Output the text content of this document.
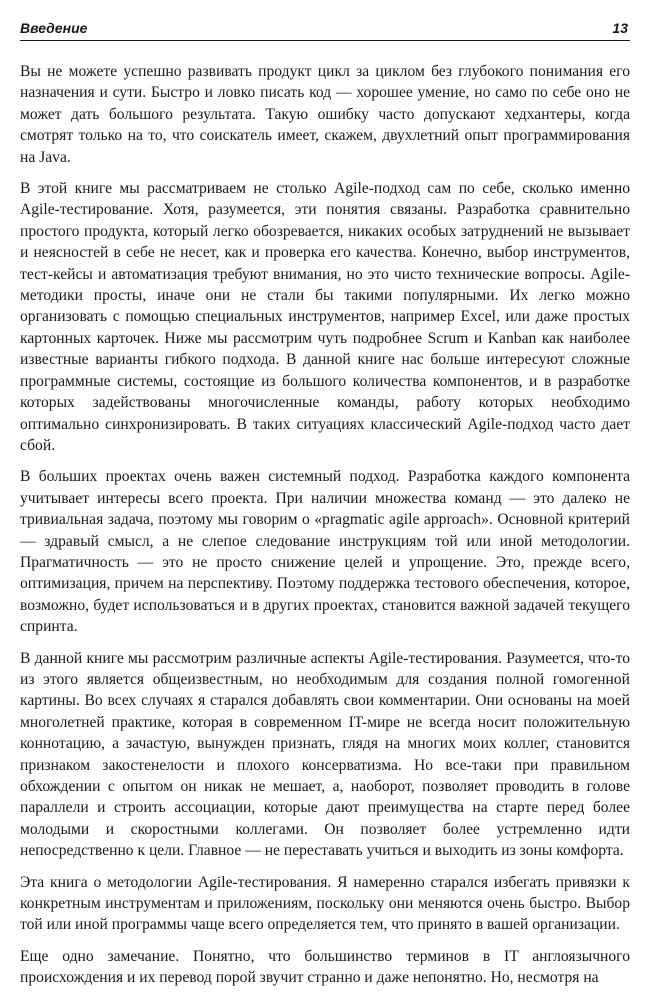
Введение	13

Вы не можете успешно развивать продукт цикл за циклом без глубокого понимания его назначения и сути. Быстро и ловко писать код — хорошее умение, но само по себе оно не может дать большого результата. Такую ошибку часто допускают хедхантеры, когда смотрят только на то, что соискатель имеет, скажем, двухлетний опыт программирования на Java.

В этой книге мы рассматриваем не столько Agile-подход сам по себе, сколько именно Agile-тестирование. Хотя, разумеется, эти понятия связаны. Разработка сравнительно простого продукта, который легко обозревается, никаких особых затруднений не вызывает и неясностей в себе не несет, как и проверка его качества. Конечно, выбор инструментов, тест-кейсы и автоматизация требуют внимания, но это чисто технические вопросы. Agile-методики просты, иначе они не стали бы такими популярными. Их легко можно организовать с помощью специальных инструментов, например Excel, или даже простых картонных карточек. Ниже мы рассмотрим чуть подробнее Scrum и Kanban как наиболее известные варианты гибкого подхода. В данной книге нас больше интересуют сложные программные системы, состоящие из большого количества компонентов, и в разработке которых задействованы многочисленные команды, работу которых необходимо оптимально синхронизировать. В таких ситуациях классический Agile-подход часто дает сбой.

В больших проектах очень важен системный подход. Разработка каждого компонента учитывает интересы всего проекта. При наличии множества команд — это далеко не тривиальная задача, поэтому мы говорим о «pragmatic agile approach». Основной критерий — здравый смысл, а не слепое следование инструкциям той или иной методологии. Прагматичность — это не просто снижение целей и упрощение. Это, прежде всего, оптимизация, причем на перспективу. Поэтому поддержка тестового обеспечения, которое, возможно, будет использоваться и в других проектах, становится важной задачей текущего спринта.

В данной книге мы рассмотрим различные аспекты Agile-тестирования. Разумеется, что-то из этого является общеизвестным, но необходимым для создания полной гомогенной картины. Во всех случаях я старался добавлять свои комментарии. Они основаны на моей многолетней практике, которая в современном IT-мире не всегда носит положительную коннотацию, а зачастую, вынужден признать, глядя на многих моих коллег, становится признаком закостенелости и плохого консерватизма. Но все-таки при правильном обхождении с опытом он никак не мешает, а, наоборот, позволяет проводить в голове параллели и строить ассоциации, которые дают преимущества на старте перед более молодыми и скоростными коллегами. Он позволяет более устремленно идти непосредственно к цели. Главное — не переставать учиться и выходить из зоны комфорта.

Эта книга о методологии Agile-тестирования. Я намеренно старался избегать привязки к конкретным инструментам и приложениям, поскольку они меняются очень быстро. Выбор той или иной программы чаще всего определяется тем, что принято в вашей организации.

Еще одно замечание. Понятно, что большинство терминов в IT англоязычного происхождения и их перевод порой звучит странно и даже непонятно. Но, несмотря на
